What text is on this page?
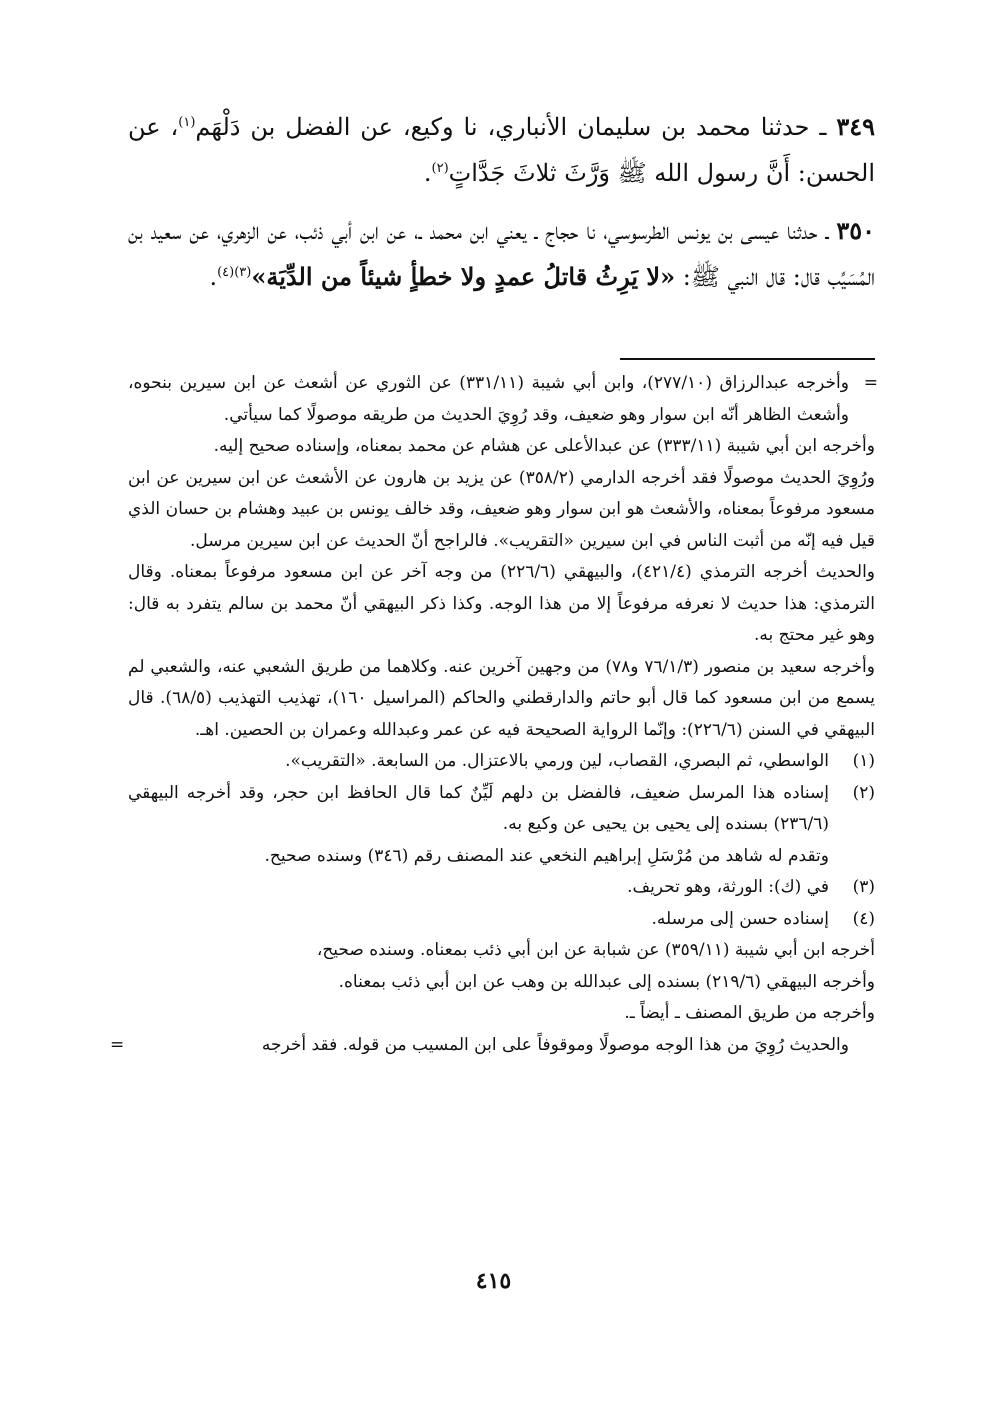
٣٤٩ ـ حدثنا محمد بن سليمان الأنباري، نا وكيع، عن الفضل بن دَلْهَم$^{(١)}$، عن الحسن: أَنَّ رسول الله ﷺ وَرَّثَ ثلاثَ جَدَّاتٍ$^{(٢)}$.

٣٥٠ ـ حدثنا عيسى بن يونس الطرسوسي، نا حجاج ـ يعني ابن محمد ـ، عن ابن أبي ذئب، عن الزهري، عن سعيد بن المُسَيِّب قال: قال النبي ﷺ: «لا يَرِثُ قاتلُ عمدٍ ولا خطأٍ شيئاً من الدِّيَة»$^{(٣)(٤)}$.

=
وأخرجه عبدالرزاق (٢٧٧/١٠)، وابن أبي شيبة (٣٣١/١١) عن الثوري عن أشعث عن ابن سيرين بنحوه، وأشعث الظاهر أنّه ابن سوار وهو ضعيف، وقد رُوِيَ الحديث من طريقه موصولًا كما سيأتي.

وأخرجه ابن أبي شيبة (٣٣٣/١١) عن عبدالأعلى عن هشام عن محمد بمعناه، وإسناده صحيح إليه.

ورُوِيَ الحديث موصولًا فقد أخرجه الدارمي (٣٥٨/٢) عن يزيد بن هارون عن الأشعث عن ابن سيرين عن ابن مسعود مرفوعاً بمعناه، والأشعث هو ابن سوار وهو ضعيف، وقد خالف يونس بن عبيد وهشام بن حسان الذي قيل فيه إنّه من أثبت الناس في ابن سيرين «التقريب». فالراجح أنّ الحديث عن ابن سيرين مرسل.

والحديث أخرجه الترمذي (٤٢١/٤)، والبيهقي (٢٢٦/٦) من وجه آخر عن ابن مسعود مرفوعاً بمعناه. وقال الترمذي: هذا حديث لا نعرفه مرفوعاً إلا من هذا الوجه. وكذا ذكر البيهقي أنّ محمد بن سالم يتفرد به قال: وهو غير محتج به.

وأخرجه سعيد بن منصور (٧٦/١/٣ و٧٨) من وجهين آخرين عنه. وكلاهما من طريق الشعبي عنه، والشعبي لم يسمع من ابن مسعود كما قال أبو حاتم والدارقطني والحاكم (المراسيل ١٦٠)، تهذيب التهذيب (٦٨/٥). قال البيهقي في السنن (٢٢٦/٦): وإنّما الرواية الصحيحة فيه عن عمر وعبدالله وعمران بن الحصين. اهـ.

(١)

الواسطي، ثم البصري، القصاب، لين ورمي بالاعتزال. من السابعة. «التقريب».

(٢)

إسناده هذا المرسل ضعيف، فالفضل بن دلهم لَيِّنٌ كما قال الحافظ ابن حجر، وقد أخرجه البيهقي (٢٣٦/٦) بسنده إلى يحيى بن يحيى عن وكيع به.

وتقدم له شاهد من مُرْسَلِ إبراهيم النخعي عند المصنف رقم (٣٤٦) وسنده صحيح.

(٣)

في (ك): الورثة، وهو تحريف.

(٤)

إسناده حسن إلى مرسله.

أخرجه ابن أبي شيبة (٣٥٩/١١) عن شبابة عن ابن أبي ذئب بمعناه. وسنده صحيح،

وأخرجه البيهقي (٢١٩/٦) بسنده إلى عبدالله بن وهب عن ابن أبي ذئب بمعناه.

وأخرجه من طريق المصنف ـ أيضاً ـ.

والحديث رُوِيَ من هذا الوجه موصولًا وموقوفاً على ابن المسيب من قوله. فقد أخرجه
=

٤١٥
